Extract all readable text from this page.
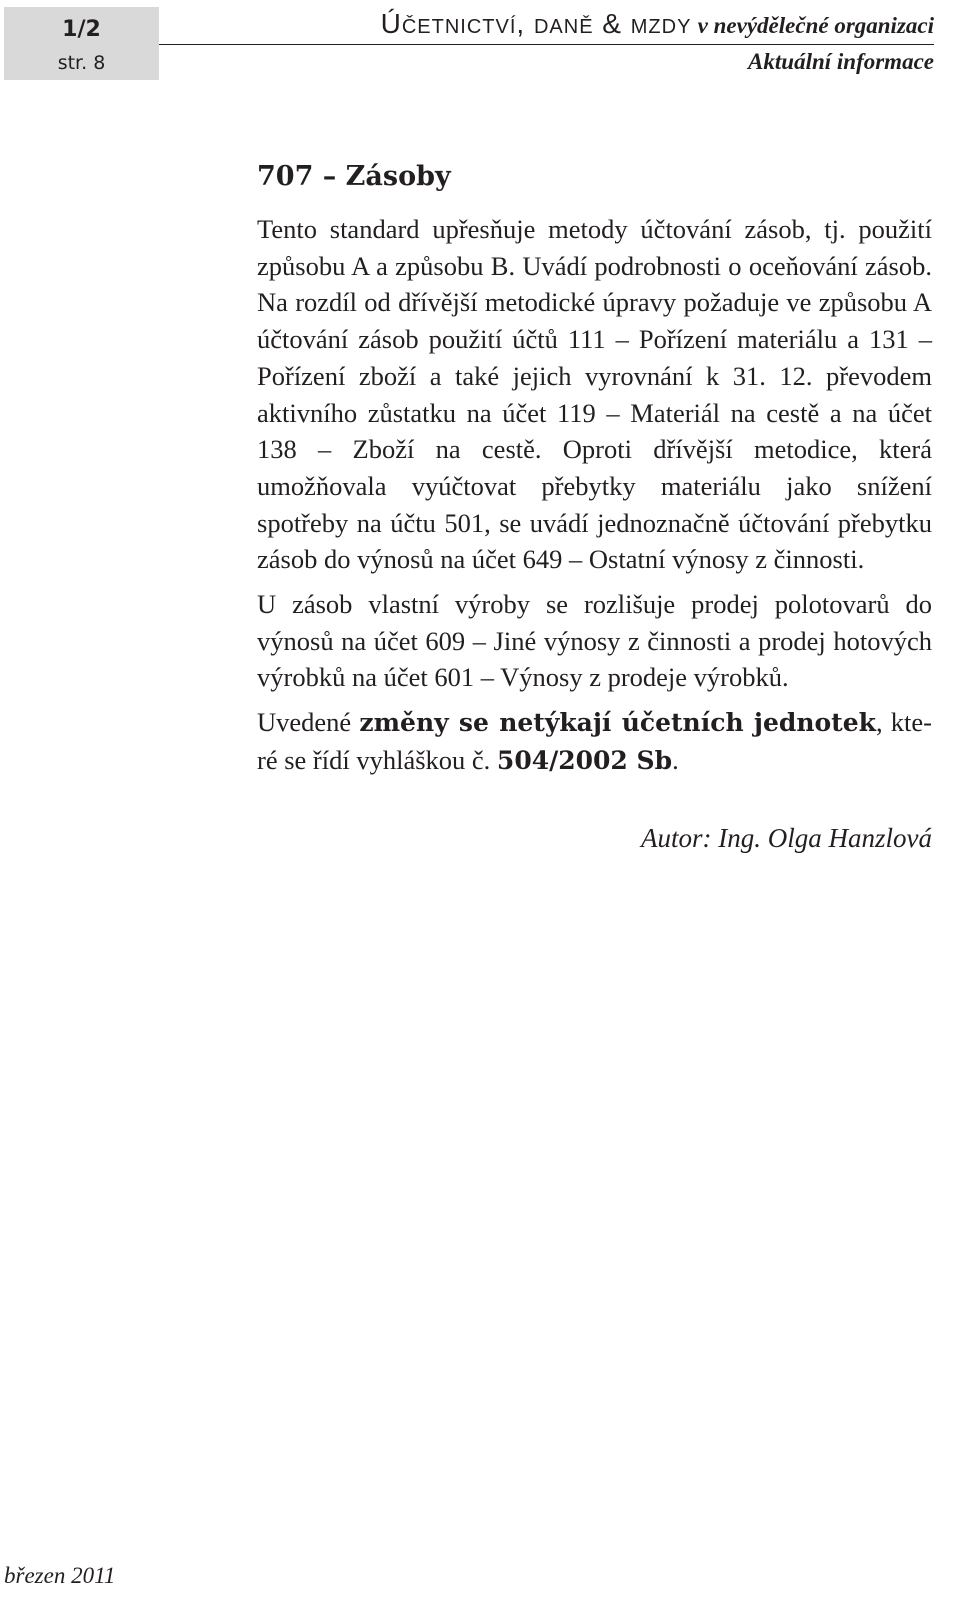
1/2
str. 8
Účetnictví, daně & mzdy v nevýdělečné organizaci
Aktuální informace
707 – Zásoby

Tento standard upřesňuje metody účtování zásob, tj. použití způsobu A a způsobu B. Uvádí podrobnosti o oceňování zásob. Na rozdíl od dřívější metodické úpravy požaduje ve způsobu A účtování zásob použití účtů 111 – Pořízení materiálu a 131 – Pořízení zboží a také jejich vyrovnání k 31. 12. převodem aktivního zůstatku na účet 119 – Materiál na cestě a na účet 138 – Zboží na cestě. Oproti dřívější metodice, která umožňovala vyúčtovat přebytky materiálu jako snížení spotřeby na účtu 501, se uvádí jednoznačně účtování přebytku zásob do výnosů na účet 649 – Ostatní výnosy z činnosti.

U zásob vlastní výroby se rozlišuje prodej polotovarů do výnosů na účet 609 – Jiné výnosy z činnosti a prodej hotových výrobků na účet 601 – Výnosy z prodeje výrobků.

Uvedené změny se netýkají účetních jednotek, které se řídí vyhláškou č. 504/2002 Sb.

Autor: Ing. Olga Hanzlová
březen 2011
